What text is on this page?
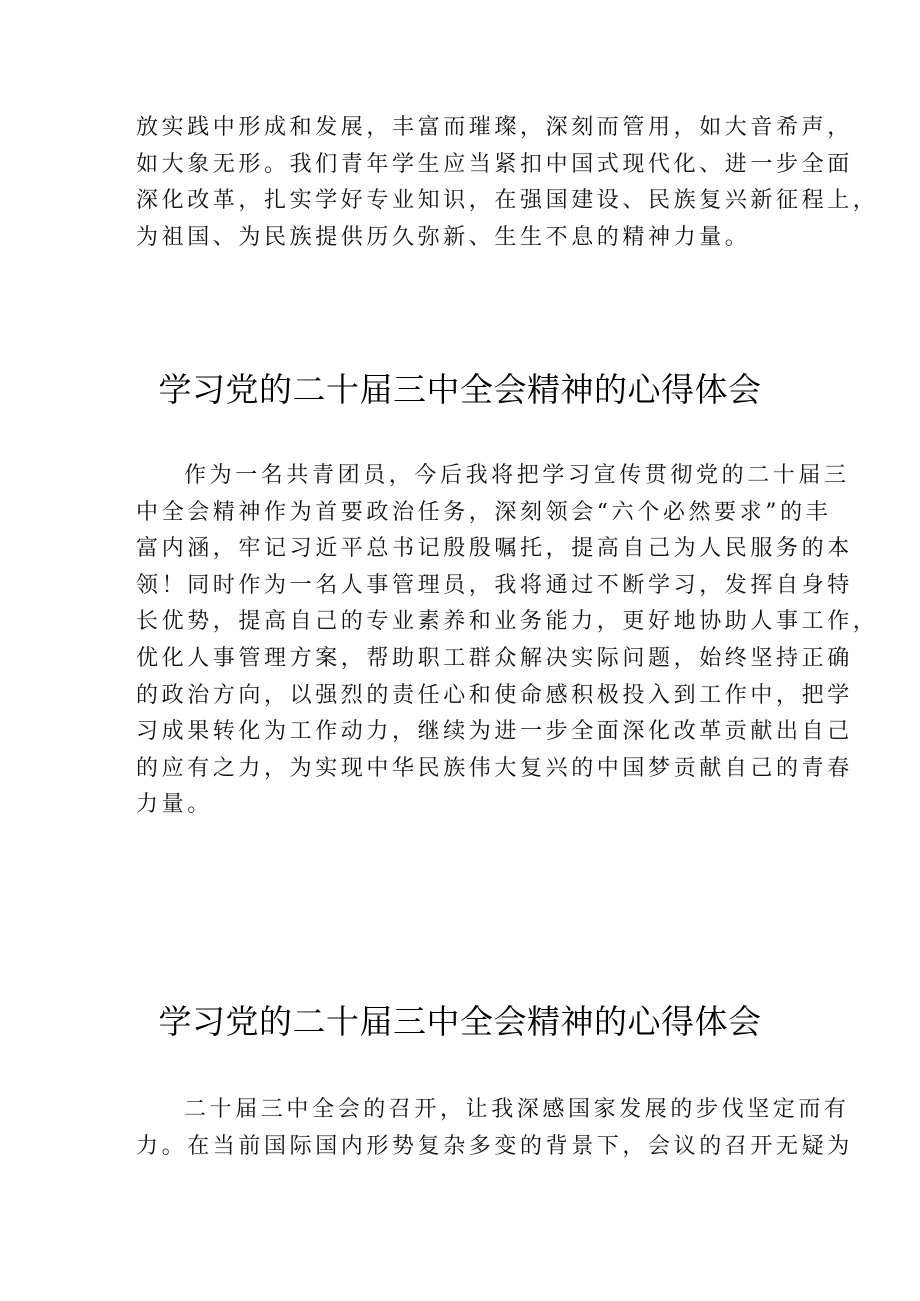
放实践中形成和发展，丰富而璀璨，深刻而管用，如大音希声，
如大象无形。我们青年学生应当紧扣中国式现代化、进一步全面
深化改革，扎实学好专业知识，在强国建设、民族复兴新征程上，
为祖国、为民族提供历久弥新、生生不息的精神力量。
学习党的二十届三中全会精神的心得体会
作为一名共青团员，今后我将把学习宣传贯彻党的二十届三
中全会精神作为首要政治任务，深刻领会“六个必然要求”的丰
富内涵，牢记习近平总书记殷殷嘱托，提高自己为人民服务的本
领！同时作为一名人事管理员，我将通过不断学习，发挥自身特
长优势，提高自己的专业素养和业务能力，更好地协助人事工作，
优化人事管理方案，帮助职工群众解决实际问题，始终坚持正确
的政治方向，以强烈的责任心和使命感积极投入到工作中，把学
习成果转化为工作动力，继续为进一步全面深化改革贡献出自己
的应有之力，为实现中华民族伟大复兴的中国梦贡献自己的青春
力量。
学习党的二十届三中全会精神的心得体会
二十届三中全会的召开，让我深感国家发展的步伐坚定而有
力。在当前国际国内形势复杂多变的背景下，会议的召开无疑为
